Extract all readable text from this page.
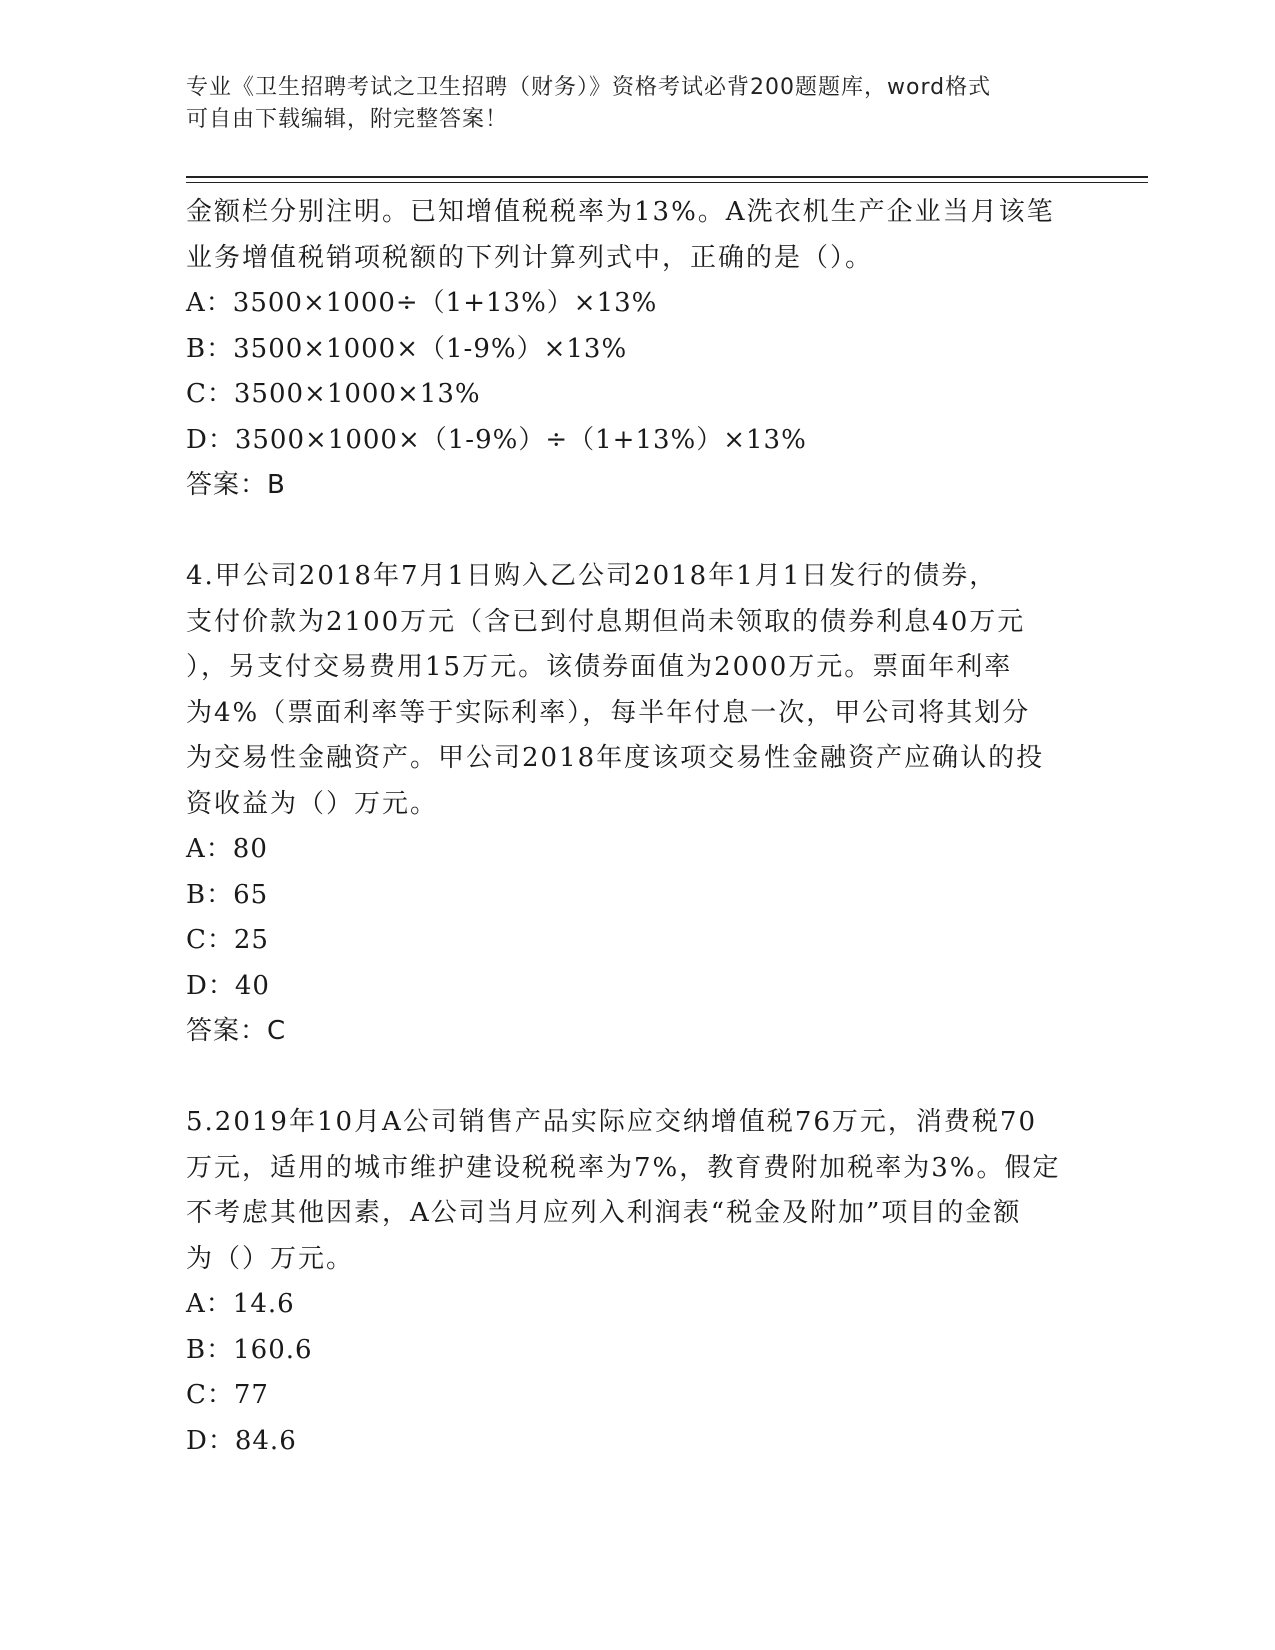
专业《卫生招聘考试之卫生招聘（财务）》资格考试必背200题题库，word格式
可自由下载编辑，附完整答案！
金额栏分别注明。已知增值税税率为13%。A洗衣机生产企业当月该笔
业务增值税销项税额的下列计算列式中，正确的是（）。
A：3500×1000÷（1+13%）×13%
B：3500×1000×（1-9%）×13%
C：3500×1000×13%
D：3500×1000×（1-9%）÷（1+13%）×13%
答案：B
4.甲公司2018年7月1日购入乙公司2018年1月1日发行的债券，
支付价款为2100万元（含已到付息期但尚未领取的债券利息40万元
），另支付交易费用15万元。该债券面值为2000万元。票面年利率
为4%（票面利率等于实际利率），每半年付息一次，甲公司将其划分
为交易性金融资产。甲公司2018年度该项交易性金融资产应确认的投
资收益为（）万元。
A：80
B：65
C：25
D：40
答案：C
5.2019年10月A公司销售产品实际应交纳增值税76万元，消费税70
万元，适用的城市维护建设税税率为7%，教育费附加税率为3%。假定
不考虑其他因素，A公司当月应列入利润表“税金及附加”项目的金额
为（）万元。
A：14.6
B：160.6
C：77
D：84.6
